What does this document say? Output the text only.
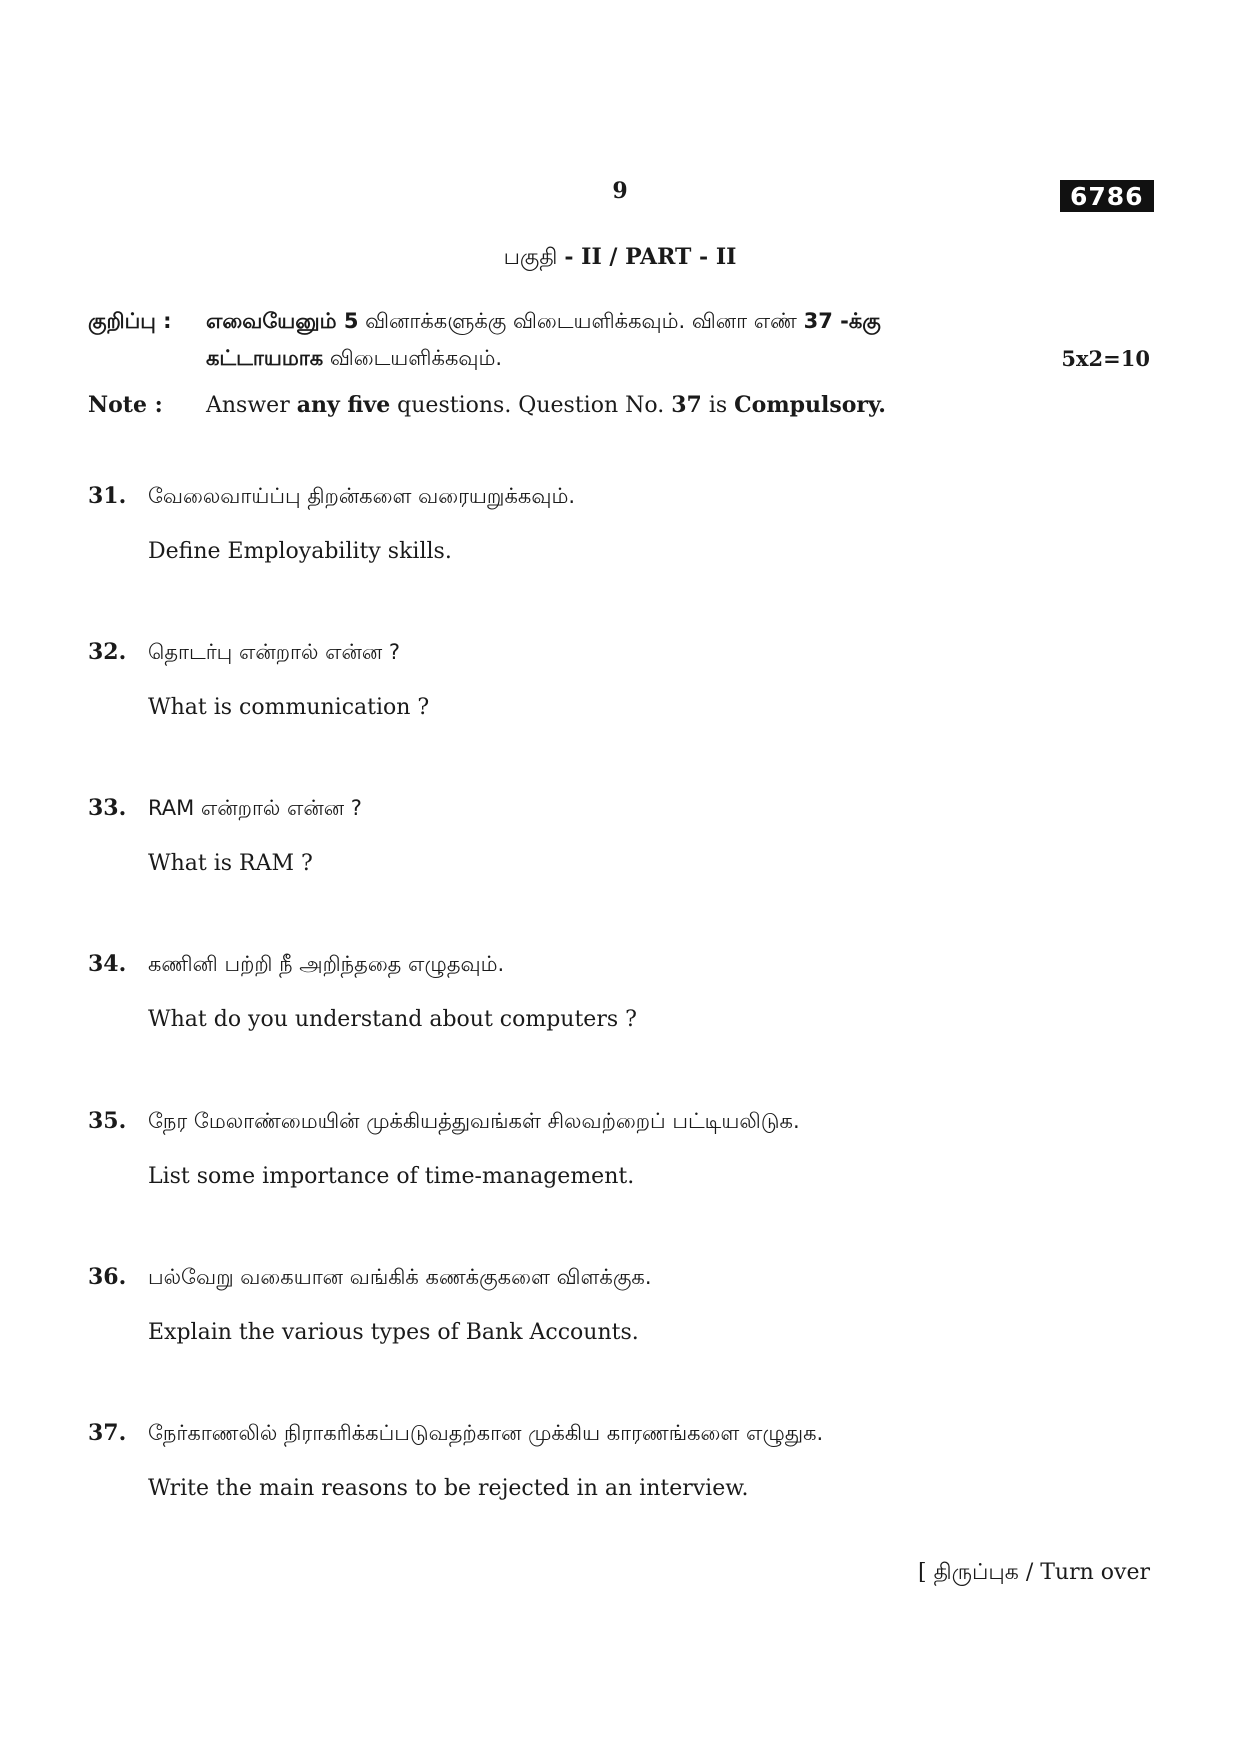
9	6786
பகுதி - II / PART - II
குறிப்பு : எவையேனும் 5 வினாக்களுக்கு விடையளிக்கவும். வினா எண் 37 -க்கு
கட்டாயமாக விடையளிக்கவும்.	5x2=10
Note : Answer any five questions. Question No. 37 is Compulsory.
31. வேலைவாய்ப்பு திறன்களை வரையறுக்கவும்.
Define Employability skills.
32. தொடர்பு என்றால் என்ன ?
What is communication ?
33. RAM என்றால் என்ன ?
What is RAM ?
34. கணினி பற்றி நீ அறிந்ததை எழுதவும்.
What do you understand about computers ?
35. நேர மேலாண்மையின் முக்கியத்துவங்கள் சிலவற்றைப் பட்டியலிடுக.
List some importance of time-management.
36. பல்வேறு வகையான வங்கிக் கணக்குகளை விளக்குக.
Explain the various types of Bank Accounts.
37. நேர்காணலில் நிராகரிக்கப்படுவதற்கான முக்கிய காரணங்களை எழுதுக.
Write the main reasons to be rejected in an interview.
[ திருப்புக / Turn over
